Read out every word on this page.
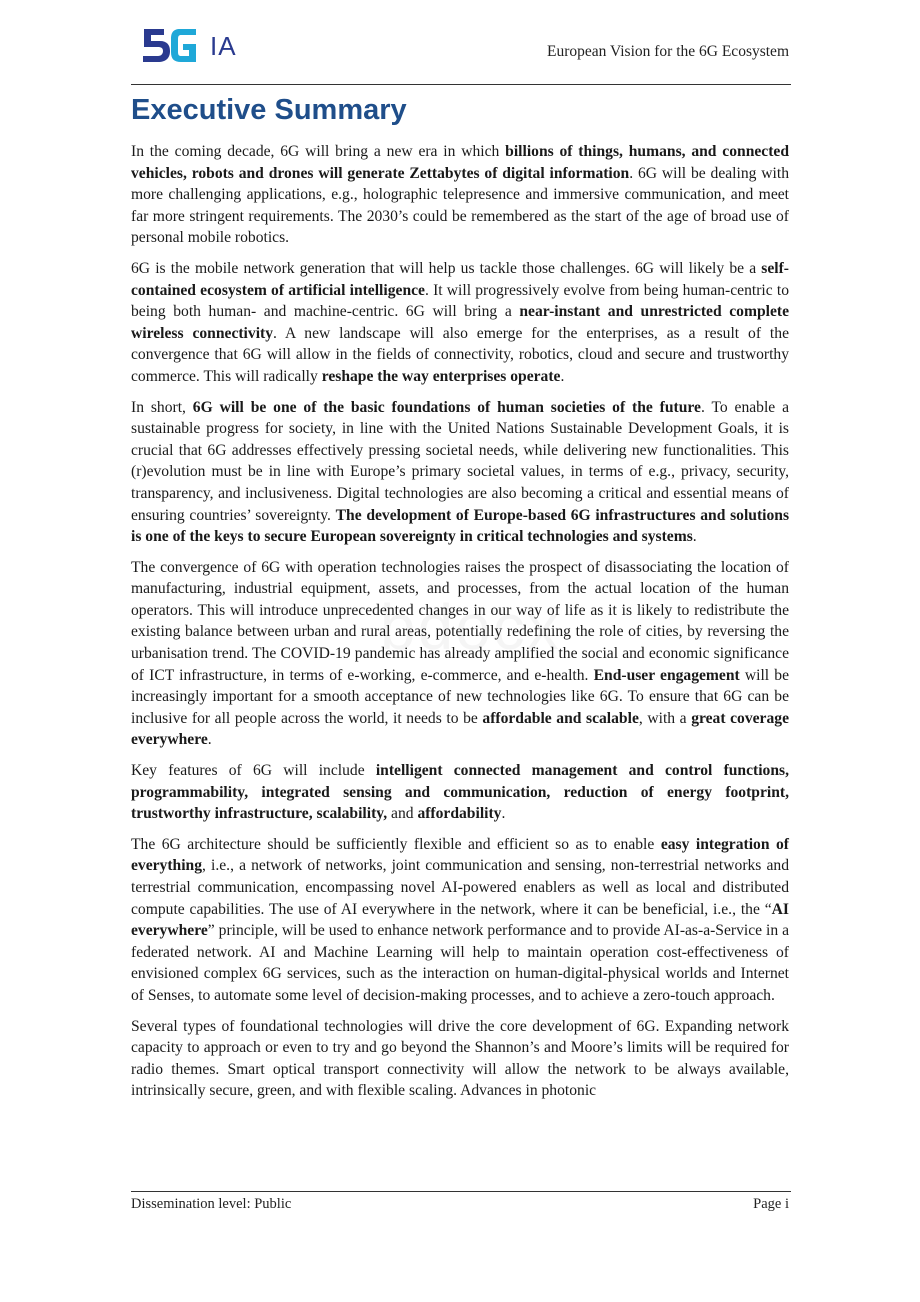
IA	European Vision for the 6G Ecosystem
Executive Summary

In the coming decade, 6G will bring a new era in which billions of things, humans, and connected vehicles, robots and drones will generate Zettabytes of digital information. 6G will be dealing with more challenging applications, e.g., holographic telepresence and immersive communication, and meet far more stringent requirements. The 2030’s could be remembered as the start of the age of broad use of personal mobile robotics.

6G is the mobile network generation that will help us tackle those challenges. 6G will likely be a self-contained ecosystem of artificial intelligence. It will progressively evolve from being human-centric to being both human- and machine-centric. 6G will bring a near-instant and unrestricted complete wireless connectivity. A new landscape will also emerge for the enterprises, as a result of the convergence that 6G will allow in the fields of connectivity, robotics, cloud and secure and trustworthy commerce. This will radically reshape the way enterprises operate.

In short, 6G will be one of the basic foundations of human societies of the future. To enable a sustainable progress for society, in line with the United Nations Sustainable Development Goals, it is crucial that 6G addresses effectively pressing societal needs, while delivering new functionalities. This (r)evolution must be in line with Europe’s primary societal values, in terms of e.g., privacy, security, transparency, and inclusiveness. Digital technologies are also becoming a critical and essential means of ensuring countries’ sovereignty. The development of Europe-based 6G infrastructures and solutions is one of the keys to secure European sovereignty in critical technologies and systems.

The convergence of 6G with operation technologies raises the prospect of disassociating the location of manufacturing, industrial equipment, assets, and processes, from the actual location of the human operators. This will introduce unprecedented changes in our way of life as it is likely to redistribute the existing balance between urban and rural areas, potentially redefining the role of cities, by reversing the urbanisation trend. The COVID-19 pandemic has already amplified the social and economic significance of ICT infrastructure, in terms of e-working, e-commerce, and e-health. End-user engagement will be increasingly important for a smooth acceptance of new technologies like 6G. To ensure that 6G can be inclusive for all people across the world, it needs to be affordable and scalable, with a great coverage everywhere.

Key features of 6G will include intelligent connected management and control functions, programmability, integrated sensing and communication, reduction of energy footprint, trustworthy infrastructure, scalability, and affordability.

The 6G architecture should be sufficiently flexible and efficient so as to enable easy integration of everything, i.e., a network of networks, joint communication and sensing, non-terrestrial networks and terrestrial communication, encompassing novel AI-powered enablers as well as local and distributed compute capabilities. The use of AI everywhere in the network, where it can be beneficial, i.e., the “AI everywhere” principle, will be used to enhance network performance and to provide AI-as-a-Service in a federated network. AI and Machine Learning will help to maintain operation cost-effectiveness of envisioned complex 6G services, such as the interaction on human-digital-physical worlds and Internet of Senses, to automate some level of decision-making processes, and to achieve a zero-touch approach.

Several types of foundational technologies will drive the core development of 6G. Expanding network capacity to approach or even to try and go beyond the Shannon’s and Moore’s limits will be required for radio themes. Smart optical transport connectivity will allow the network to be always available, intrinsically secure, green, and with flexible scaling. Advances in photonic

Dissemination level: Public	Page i
